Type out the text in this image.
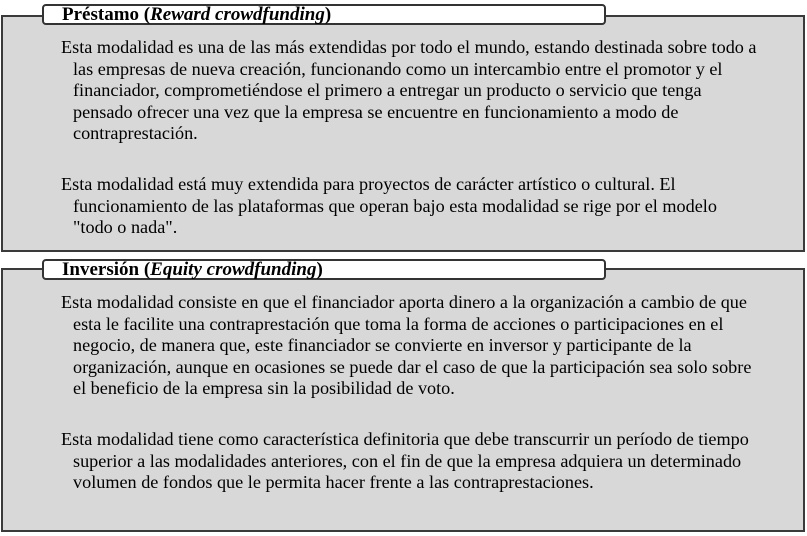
Esta modalidad es una de las más extendidas por todo el mundo, estando destinada sobre todo a las empresas de nueva creación, funcionando como un intercambio entre el promotor y el financiador, comprometiéndose el primero a entregar un producto o servicio que tenga pensado ofrecer una vez que la empresa se encuentre en funcionamiento a modo de contraprestación.

Esta modalidad está muy extendida para proyectos de carácter artístico o cultural. El funcionamiento de las plataformas que operan bajo esta modalidad se rige por el modelo "todo o nada".

Préstamo (Reward crowdfunding)

Esta modalidad consiste en que el financiador aporta dinero a la organización a cambio de que esta le facilite una contraprestación que toma la forma de acciones o participaciones en el negocio, de manera que, este financiador se convierte en inversor y participante de la organización, aunque en ocasiones se puede dar el caso de que la participación sea solo sobre el beneficio de la empresa sin la posibilidad de voto.

Esta modalidad tiene como característica definitoria que debe transcurrir un período de tiempo superior a las modalidades anteriores, con el fin de que la empresa adquiera un determinado volumen de fondos que le permita hacer frente a las contraprestaciones.

Inversión (Equity crowdfunding)
